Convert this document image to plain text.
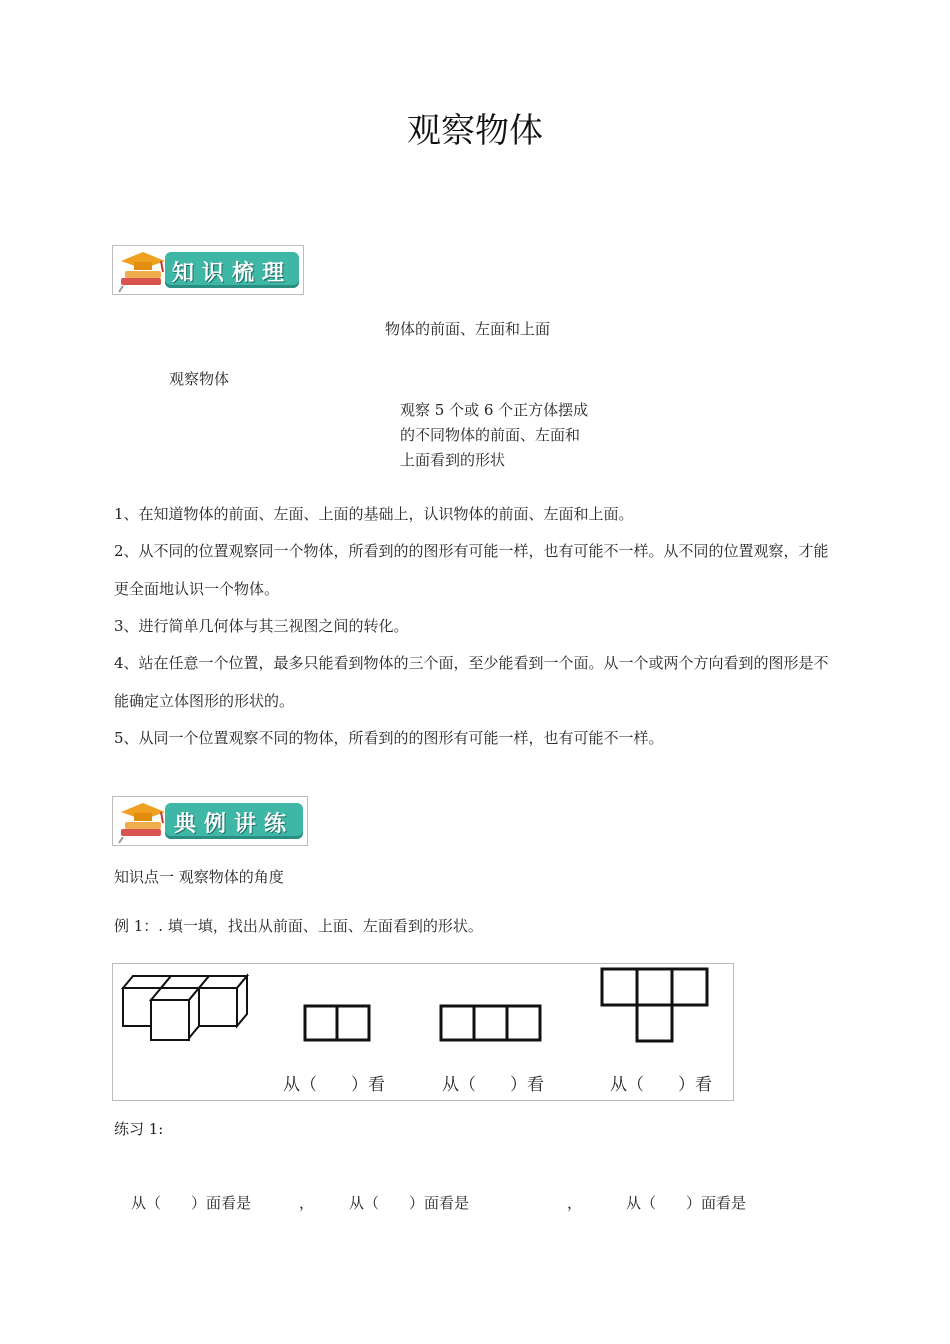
观察物体
知识梳理
物体的前面、左面和上面
观察物体
观察 5 个或 6 个正方体摆成
的不同物体的前面、左面和
上面看到的形状
1、在知道物体的前面、左面、上面的基础上，认识物体的前面、左面和上面。
2、从不同的位置观察同一个物体，所看到的的图形有可能一样，也有可能不一样。从不同的位置观察，才能更全面地认识一个物体。
3、进行简单几何体与其三视图之间的转化。
4、站在任意一个位置，最多只能看到物体的三个面，至少能看到一个面。从一个或两个方向看到的图形是不能确定立体图形的形状的。
5、从同一个位置观察不同的物体，所看到的的图形有可能一样，也有可能不一样。
典例讲练
知识点一 观察物体的角度
例 1：. 填一填，找出从前面、上面、左面看到的形状。
从（　　）看	从（　　）看	从（　　）看
练习 1:
从（　　）面看是	， 从（　　）面看是	，	从（　　）面看是
